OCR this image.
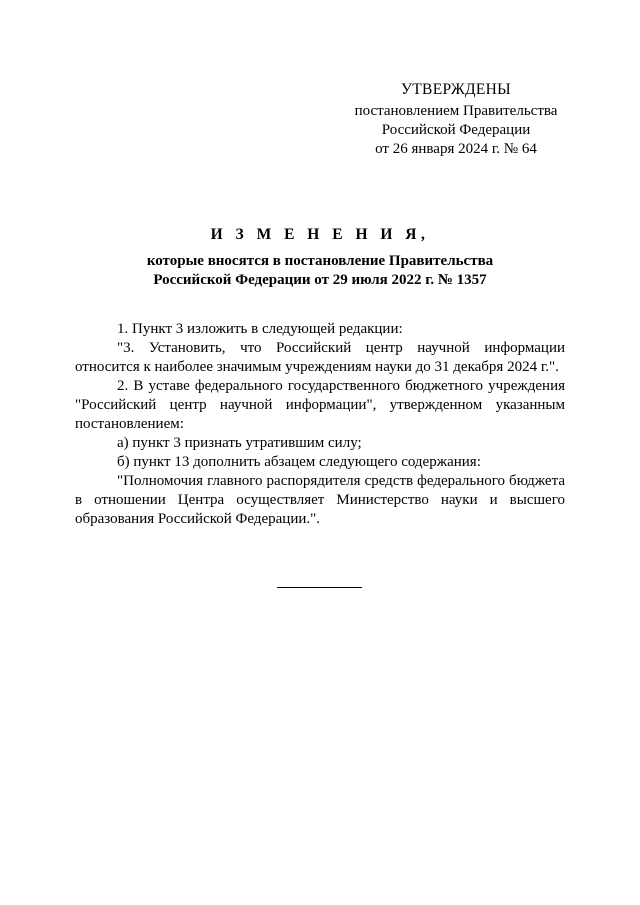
УТВЕРЖДЕНЫ
постановлением Правительства
Российской Федерации
от 26 января 2024 г. № 64
И З М Е Н Е Н И Я,
которые вносятся в постановление Правительства
Российской Федерации от 29 июля 2022 г. № 1357

1. Пункт 3 изложить в следующей редакции:

"3. Установить, что Российский центр научной информации относится к наиболее значимым учреждениям науки до 31 декабря 2024 г.".

2. В уставе федерального государственного бюджетного учреждения "Российский центр научной информации", утвержденном указанным постановлением:

а) пункт 3 признать утратившим силу;

б) пункт 13 дополнить абзацем следующего содержания:

"Полномочия главного распорядителя средств федерального бюджета в отношении Центра осуществляет Министерство науки и высшего образования Российской Федерации.".
